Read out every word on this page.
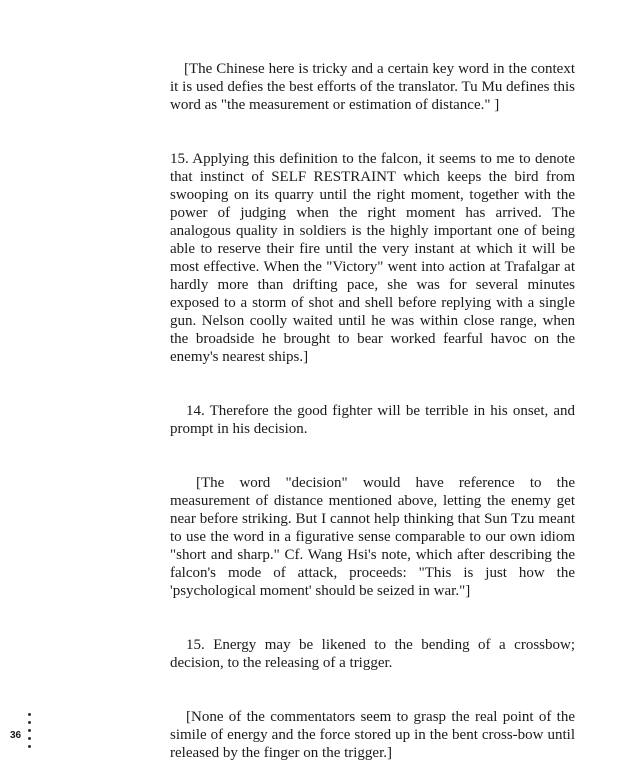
[The Chinese here is tricky and a certain key word in the context it is used defies the best efforts of the translator. Tu Mu defines this word as "the measurement or estimation of distance." ]

15. Applying this definition to the falcon, it seems to me to denote that instinct of SELF RESTRAINT which keeps the bird from swooping on its quarry until the right moment, together with the power of judging when the right moment has arrived. The analogous quality in soldiers is the highly important one of being able to reserve their fire until the very instant at which it will be most effective. When the "Victory" went into action at Trafalgar at hardly more than drifting pace, she was for several minutes exposed to a storm of shot and shell before replying with a single gun. Nelson coolly waited until he was within close range, when the broadside he brought to bear worked fearful havoc on the enemy's nearest ships.]

14. Therefore the good fighter will be terrible in his onset, and prompt in his decision.

[The word "decision" would have reference to the measurement of distance mentioned above, letting the enemy get near before striking. But I cannot help thinking that Sun Tzu meant to use the word in a figurative sense comparable to our own idiom "short and sharp." Cf. Wang Hsi's note, which after describing the falcon's mode of attack, proceeds: "This is just how the 'psychological moment' should be seized in war."]

15. Energy may be likened to the bending of a crossbow; decision, to the releasing of a trigger.

[None of the commentators seem to grasp the real point of the simile of energy and the force stored up in the bent cross-bow until released by the finger on the trigger.]

36
